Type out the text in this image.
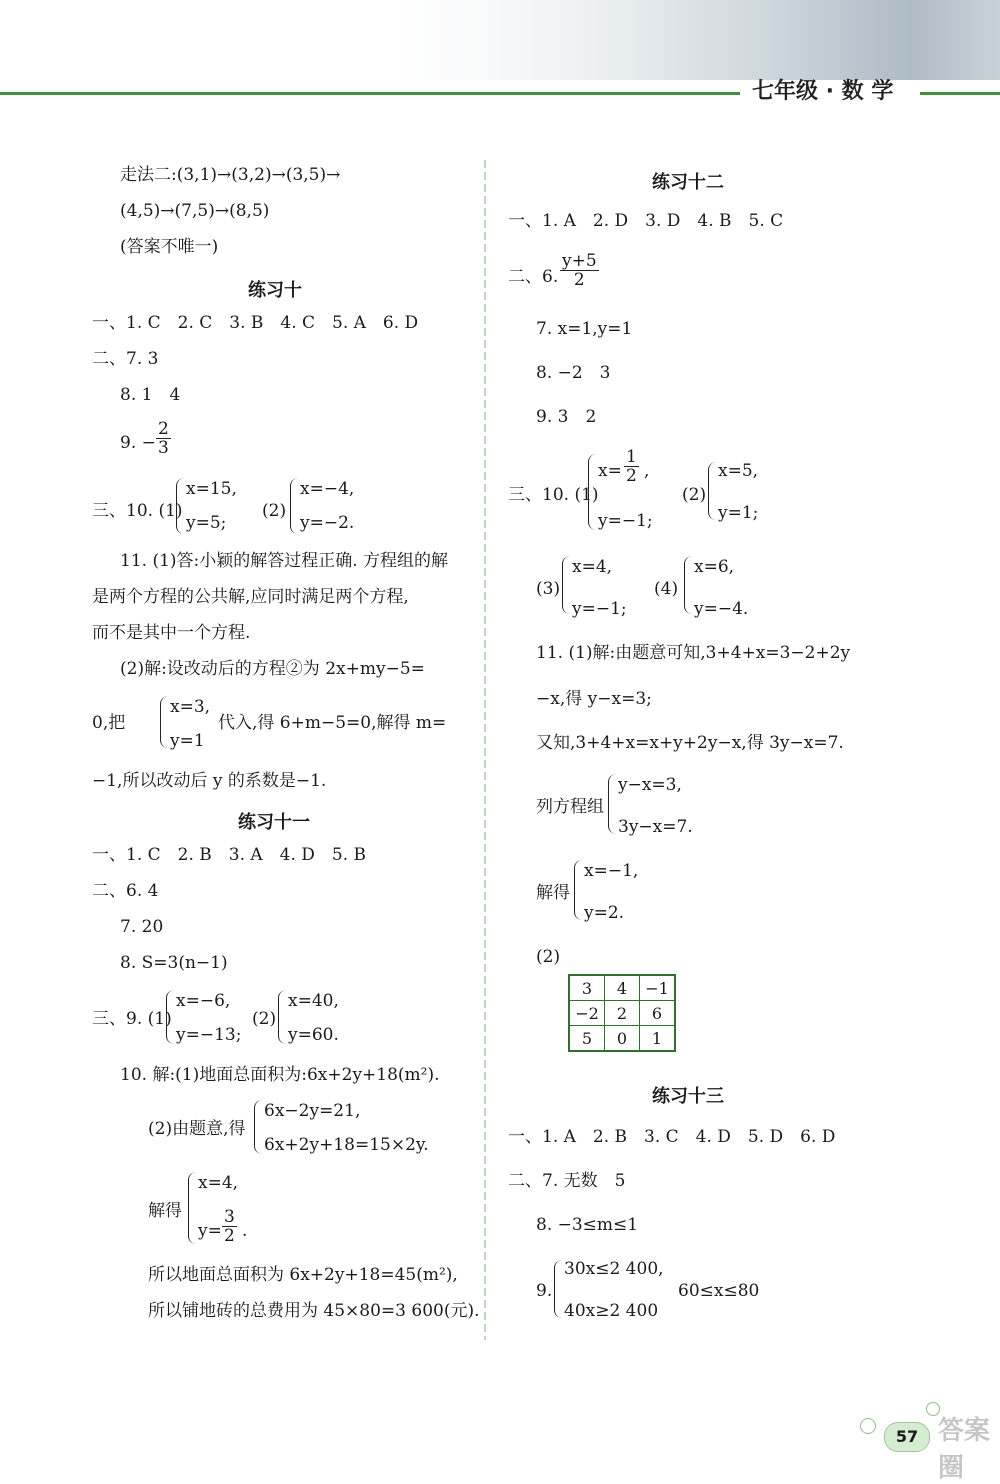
七年级 · 数 学
走法二:(3,1)→(3,2)→(3,5)→
(4,5)→(7,5)→(8,5)
(答案不唯一)
练习十
一、1. C　2. C　3. B　4. C　5. A　6. D
二、7. 3
8. 1　4
9. − $\frac{2}{3}$
三、10. (1)
x=15,
y=5;
(2)
x=−4,
y=−2.
11. (1)答:小颖的解答过程正确. 方程组的解
是两个方程的公共解,应同时满足两个方程,
而不是其中一个方程.
(2)解:设改动后的方程②为 2x+my−5=
0,把
x=3,
y=1
代入,得 6+m−5=0,解得 m=
−1,所以改动后 y 的系数是−1.
练习十一
一、1. C　2. B　3. A　4. D　5. B
二、6. 4
7. 20
8. S=3(n−1)
三、9. (1)
x=−6,
y=−13;
(2)
x=40,
y=60.
10. 解:(1)地面总面积为:6x+2y+18(m²).
(2)由题意,得
6x−2y=21,
6x+2y+18=15×2y.
解得
x=4,
$y= \frac{3}{2}$ .
所以地面总面积为 6x+2y+18=45(m²),
所以铺地砖的总费用为 45×80=3 600(元).
练习十二
一、1. A　2. D　3. D　4. B　5. C
二、6. $\frac{y+5}{2}$
7. x=1,y=1
8. −2　3
9. 3　2
三、10. (1)
$x= \frac{1}{2}$ ,
y=−1;
(2)
x=5,
y=1;
(3)
x=4,
y=−1;
(4)
x=6,
y=−4.
11. (1)解:由题意可知,3+4+x=3−2+2y
−x,得 y−x=3;
又知,3+4+x=x+y+2y−x,得 3y−x=7.
列方程组
y−x=3,
3y−x=7.
解得
x=−1,
y=2.
(2)
3	4	−1
−2	2	6
5	0	1
练习十三
一、1. A　2. B　3. C　4. D　5. D　6. D
二、7. 无数　5
8. −3≤m≤1
9.
30x≤2 400,
40x≥2 400
60≤x≤80
57 答案圈
